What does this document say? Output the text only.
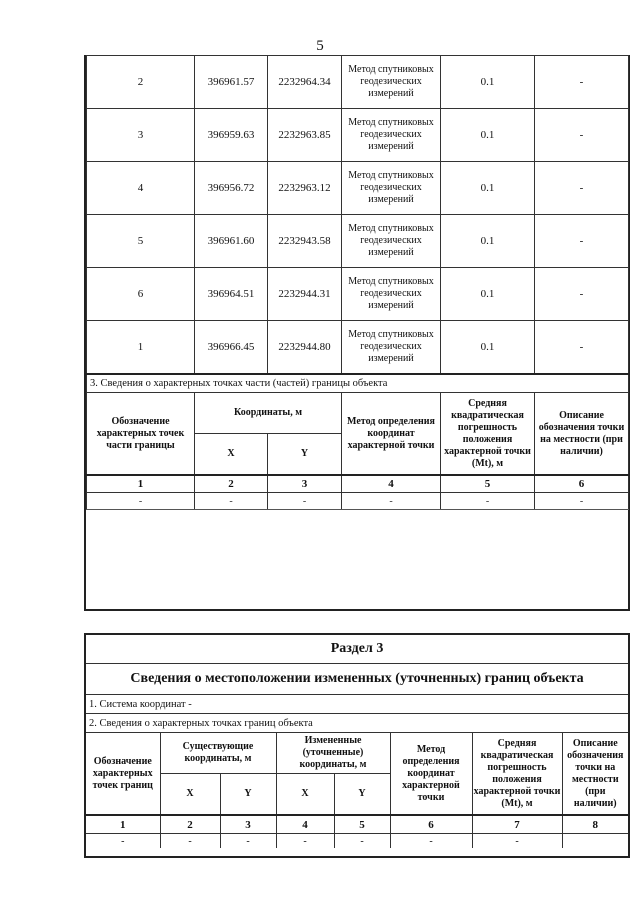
5
2	396961.57	2232964.34	Метод спутниковых геодезических измерений	0.1	-
3	396959.63	2232963.85	Метод спутниковых геодезических измерений	0.1	-
4	396956.72	2232963.12	Метод спутниковых геодезических измерений	0.1	-
5	396961.60	2232943.58	Метод спутниковых геодезических измерений	0.1	-
6	396964.51	2232944.31	Метод спутниковых геодезических измерений	0.1	-
1	396966.45	2232944.80	Метод спутниковых геодезических измерений	0.1	-
3. Сведения о характерных точках части (частей) границы объекта					
Обозначение характерных точек части границы	Координаты, м		Метод определения координат характерной точки	Средняя квадратическая погрешность положения характерной точки (Mt), м	Описание обозначения точки на местности (при наличии)
	X	Y			
1	2	3	4	5	6
-	-	-	-	-	-
Раздел 3							
Сведения о местоположении измененных (уточненных) границ объекта							
1. Система координат -							
2. Сведения о характерных точках границ объекта							
Обозначение характерных точек границ	Существующие координаты, м		Измененные (уточненные) координаты, м		Метод определения координат характерной точки	Средняя квадратическая погрешность положения характерной точки (Mt), м	Описание обозначения точки на местности (при наличии)
	X	Y	X	Y			
1	2	3	4	5	6	7	8
-	-	-	-	-	-	-	
